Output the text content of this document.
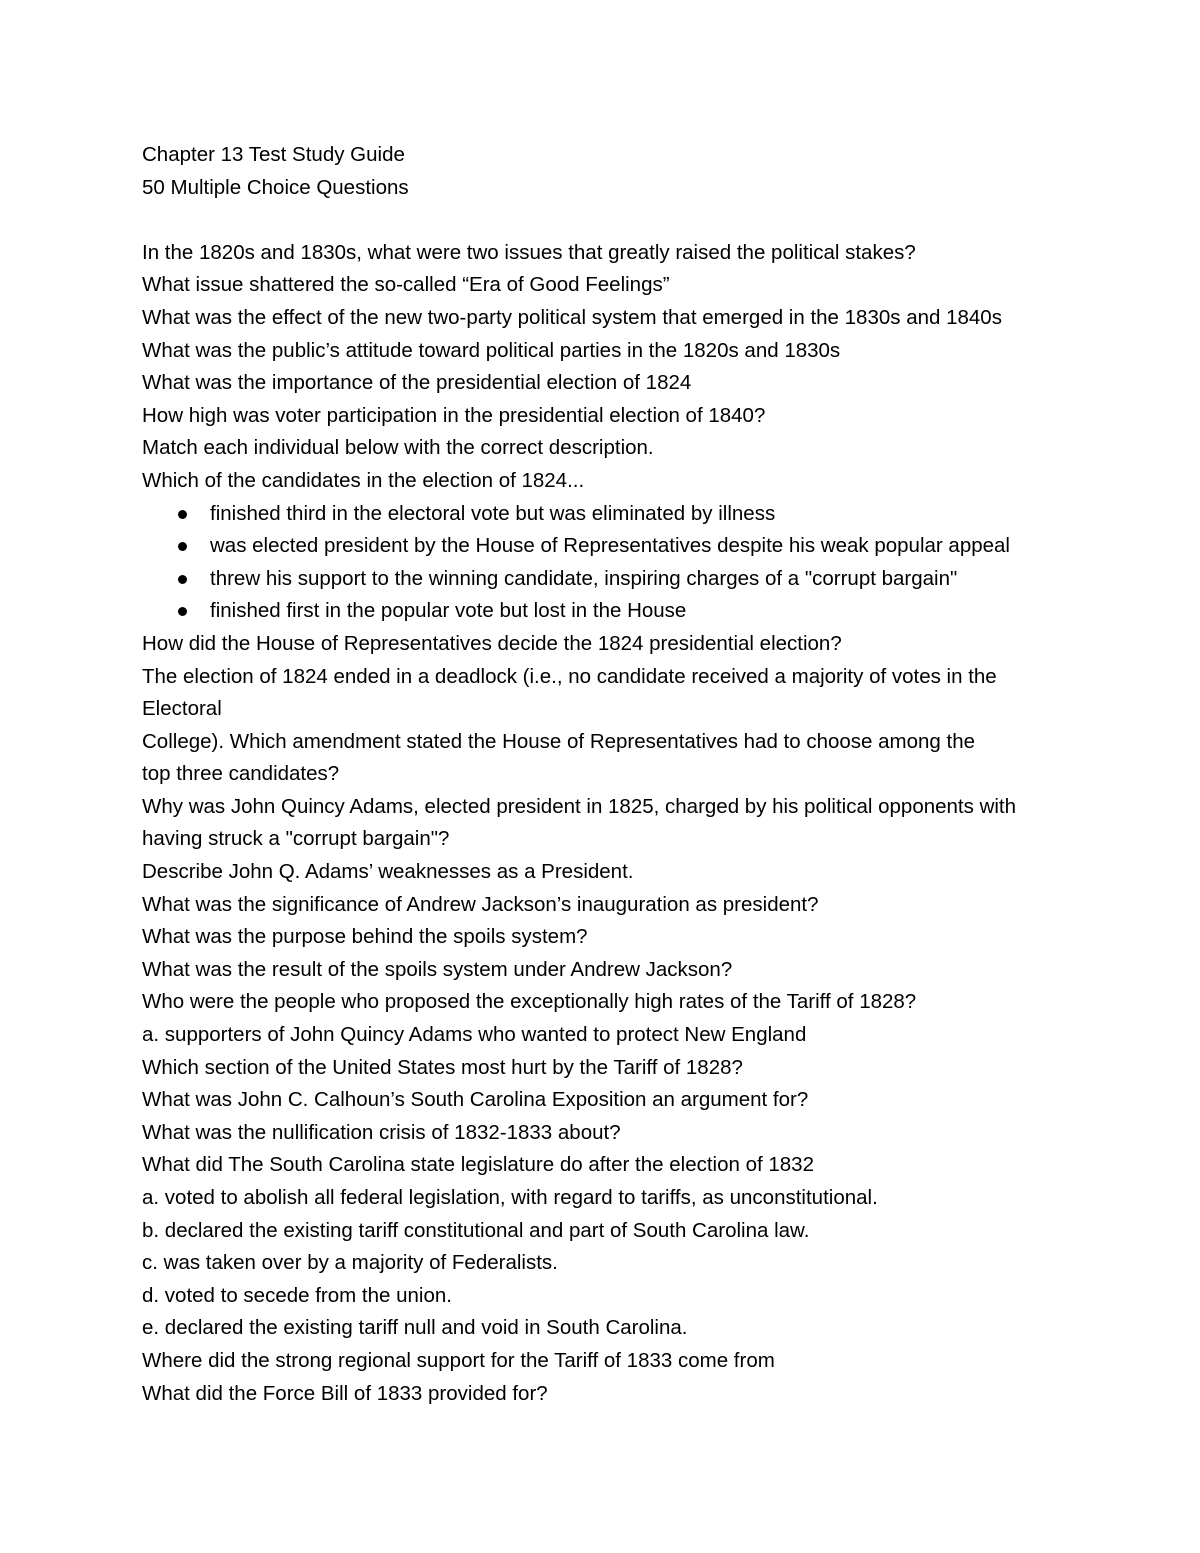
Chapter 13 Test Study Guide
50 Multiple Choice Questions
In the 1820s and 1830s, what were two issues that greatly raised the political stakes?
What issue shattered the so-called “Era of Good Feelings”
What was the effect of the new two-party political system that emerged in the 1830s and 1840s
What was the public’s attitude toward political parties in the 1820s and 1830s
What was the importance of the presidential election of 1824
How high was voter participation in the presidential election of 1840?
Match each individual below with the correct description.
Which of the candidates in the election of 1824...
finished third in the electoral vote but was eliminated by illness
was elected president by the House of Representatives despite his weak popular appeal
threw his support to the winning candidate, inspiring charges of a "corrupt bargain"
finished first in the popular vote but lost in the House
How did the House of Representatives decide the 1824 presidential election?
The election of 1824 ended in a deadlock (i.e., no candidate received a majority of votes in the
Electoral
College). Which amendment stated the House of Representatives had to choose among the
top three candidates?
Why was John Quincy Adams, elected president in 1825, charged by his political opponents with
having struck a "corrupt bargain"?
Describe John Q. Adams’ weaknesses as a President.
What was the significance of Andrew Jackson’s inauguration as president?
What was the purpose behind the spoils system?
What was the result of the spoils system under Andrew Jackson?
Who were the people who proposed the exceptionally high rates of the Tariff of 1828?
a. supporters of John Quincy Adams who wanted to protect New England
Which section of the United States most hurt by the Tariff of 1828?
What was John C. Calhoun’s South Carolina Exposition an argument for?
What was the nullification crisis of 1832-1833 about?
What did The South Carolina state legislature do after the election of 1832
a. voted to abolish all federal legislation, with regard to tariffs, as unconstitutional.
b. declared the existing tariff constitutional and part of South Carolina law.
c. was taken over by a majority of Federalists.
d. voted to secede from the union.
e. declared the existing tariff null and void in South Carolina.
Where did the strong regional support for the Tariff of 1833 come from
What did the Force Bill of 1833 provided for?
